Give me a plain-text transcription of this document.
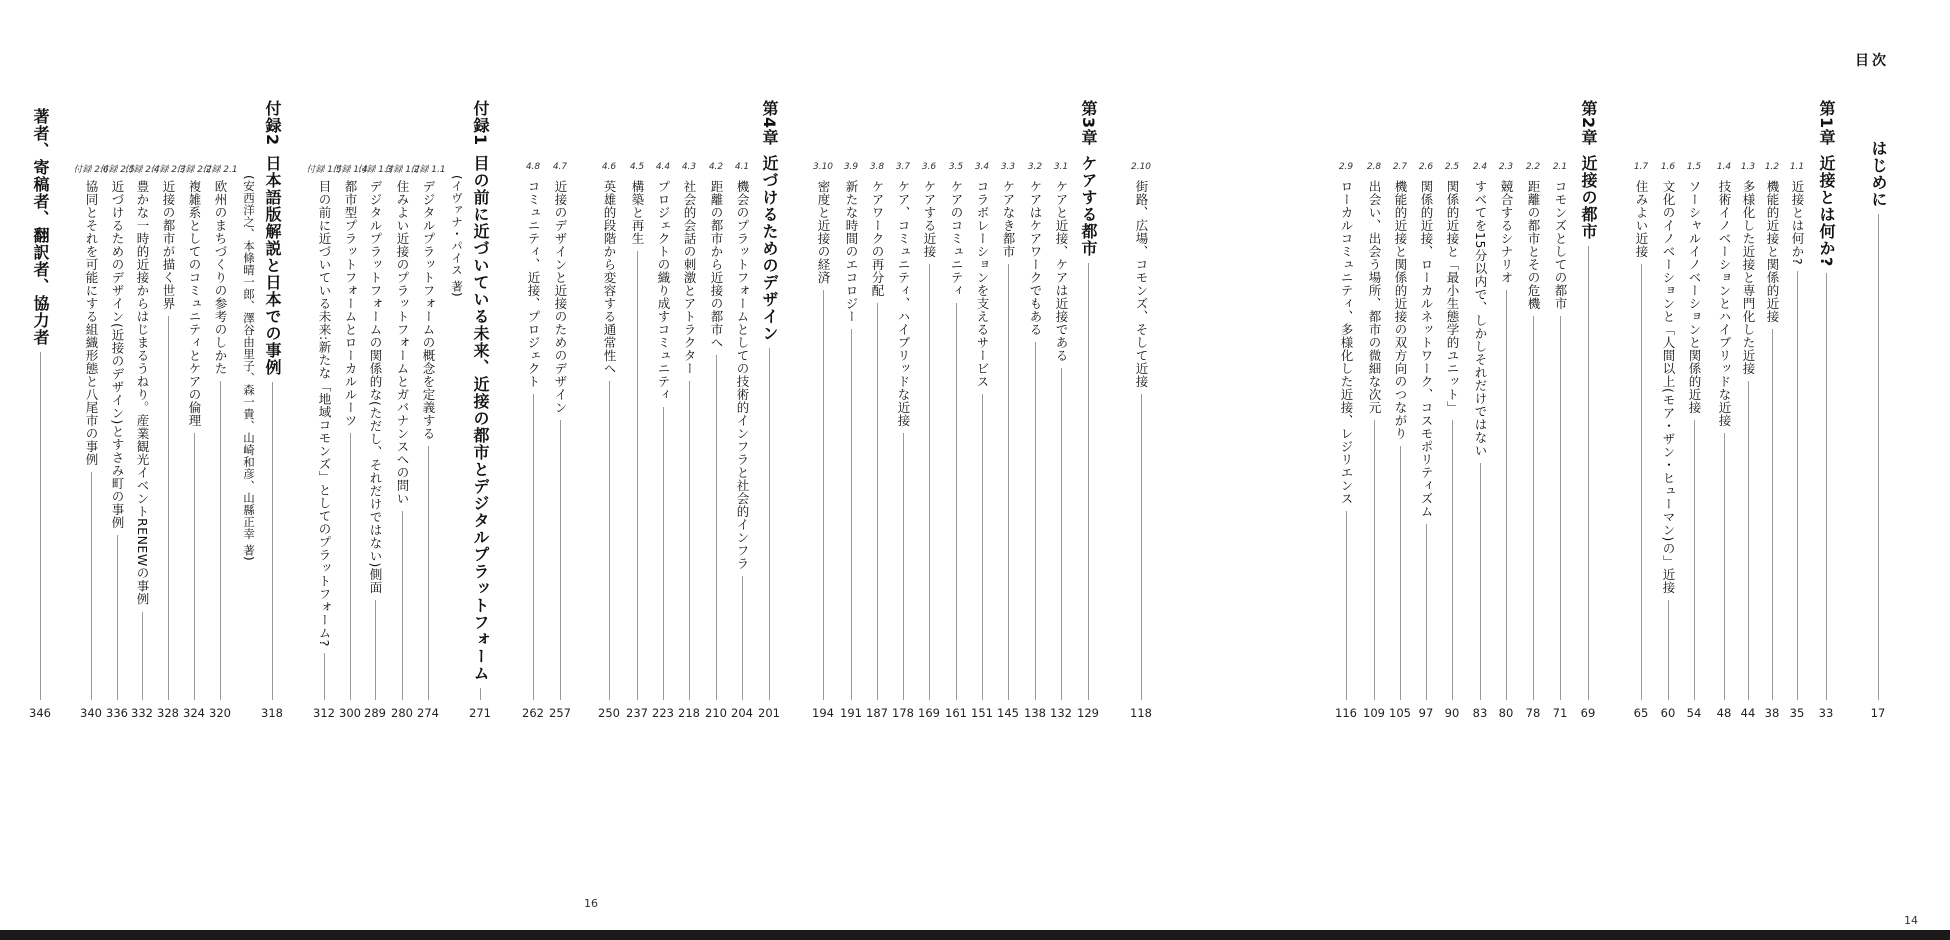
目次
14
はじめに
17
第1章
近接とは何か?
33
1.1
近接とは何か?
35
1.2
機能的近接と関係的近接
38
1.3
多様化した近接と専門化した近接
44
1.4
技術イノベーションとハイブリッドな近接
48
1.5
ソーシャルイノベーションと関係的近接
54
1.6
文化のイノベーションと「人間以上(モア・ザン・ヒューマン)の」近接
60
1.7
住みよい近接
65
第2章
近接の都市
69
2.1
コモンズとしての都市
71
2.2
距離の都市とその危機
78
2.3
競合するシナリオ
80
2.4
すべてを15分以内で、しかしそれだけではない
83
2.5
関係的近接と「最小生態学的ユニット」
90
2.6
関係的近接、ローカルネットワーク、コスモポリティズム
97
2.7
機能的近接と関係的近接の双方向のつながり
105
2.8
出会い、出会う場所、都市の微細な次元
109
2.9
ローカルコミュニティ、多様化した近接、レジリエンス
116
16
2.10
街路、広場、コモンズ、そして近接
118
第3章
ケアする都市
129
3.1
ケアと近接、ケアは近接である
132
3.2
ケアはケアワークでもある
138
3.3
ケアなき都市
145
3.4
コラボレーションを支えるサービス
151
3.5
ケアのコミュニティ
161
3.6
ケアする近接
169
3.7
ケア、コミュニティ、ハイブリッドな近接
178
3.8
ケアワークの再分配
187
3.9
新たな時間のエコロジー
191
3.10
密度と近接の経済
194
第4章
近づけるためのデザイン
201
4.1
機会のプラットフォームとしての技術的インフラと社会的インフラ
204
4.2
距離の都市から近接の都市へ
210
4.3
社会的会話の刺激とアトラクター
218
4.4
プロジェクトの織り成すコミュニティ
223
4.5
構築と再生
237
4.6
英雄的段階から変容する通常性へ
250
4.7
近接のデザインと近接のためのデザイン
257
4.8
コミュニティ、近接、プロジェクト
262
付録1
目の前に近づいている未来、近接の都市とデジタルプラットフォーム
(イヴァナ・パイス 著)
271
付録 1.1
デジタルプラットフォームの概念を定義する
274
付録 1.2
住みよい近接のプラットフォームとガバナンスへの問い
280
付録 1.3
デジタルプラットフォームの関係的な(ただし、それだけではない)側面
289
付録 1.4
都市型プラットフォームとローカルルーツ
300
付録 1.5
目の前に近づいている未来:新たな「地域コモンズ」としてのプラットフォーム?
312
付録2
日本語版解説と日本での事例
(安西洋之、本條晴一郎、澤谷由里子、森一貴、山崎和彦、山縣正幸 著)
318
付録 2.1
欧州のまちづくりの参考のしかた
320
付録 2.2
複雑系としてのコミュニティとケアの倫理
324
付録 2.3
近接の都市が描く世界
328
付録 2.4
豊かな一時的近接からはじまるうねり。産業観光イベントRENEWの事例
332
付録 2.5
近づけるためのデザイン(近接のデザイン)とすさみ町の事例
336
付録 2.6
協同とそれを可能にする組織形態と八尾市の事例
340
著者、寄稿者、翻訳者、協力者
346
